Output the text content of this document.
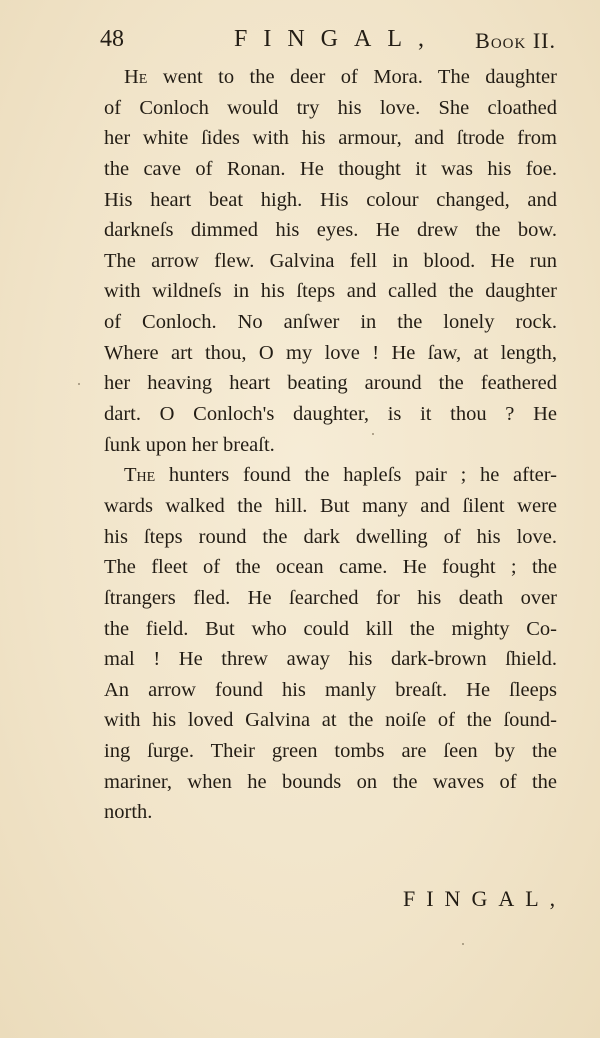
48	FINGAL, Book II.
He went to the deer of Mora. The daughter
of Conloch would try his love. She cloathed
her white ſides with his armour, and ſtrode from
the cave of Ronan. He thought it was his foe.
His heart beat high. His colour changed, and
darkneſs dimmed his eyes. He drew the bow.
The arrow flew. Galvina fell in blood. He run
with wildneſs in his ſteps and called the daughter
of Conloch. No anſwer in the lonely rock.
Where art thou, O my love ! He ſaw, at length,
her heaving heart beating around the feathered
dart. O Conloch's daughter, is it thou ? He
ſunk upon her breaſt.
The hunters found the hapleſs pair ; he after-
wards walked the hill. But many and ſilent were
his ſteps round the dark dwelling of his love.
The fleet of the ocean came. He fought ; the
ſtrangers fled. He ſearched for his death over
the field. But who could kill the mighty Co-
mal ! He threw away his dark-brown ſhield.
An arrow found his manly breaſt. He ſleeps
with his loved Galvina at the noiſe of the ſound-
ing ſurge. Their green tombs are ſeen by the
mariner, when he bounds on the waves of the
north.
FINGAL,
